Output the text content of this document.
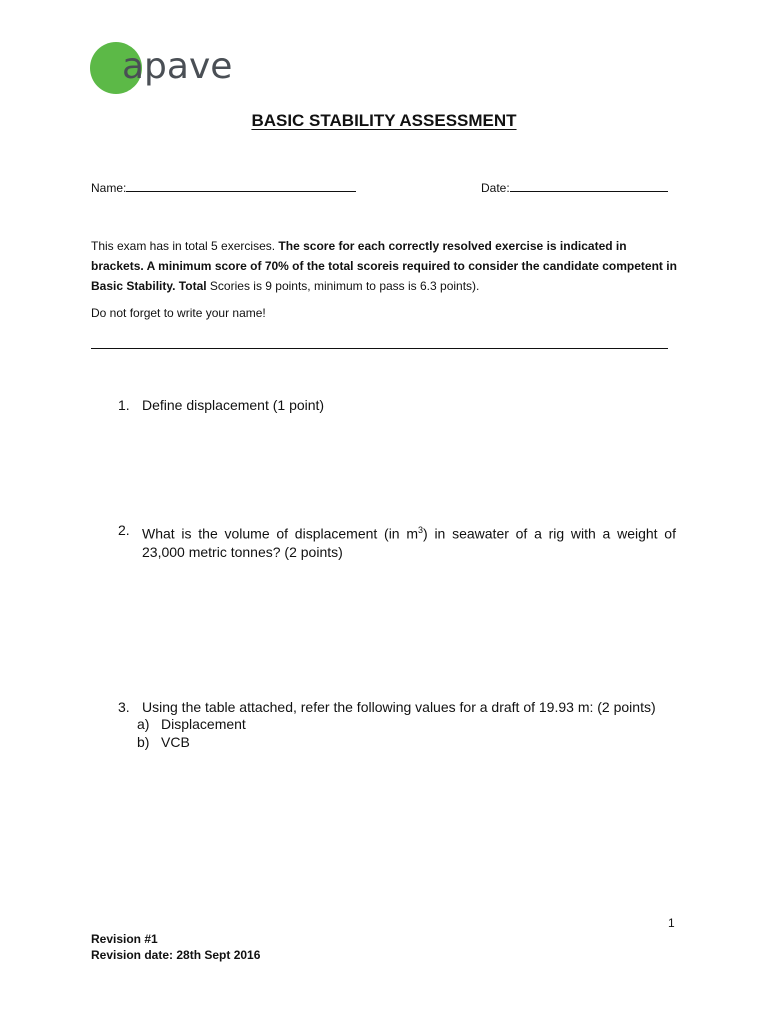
apave
BASIC STABILITY ASSESSMENT
Name:	Date:
This exam has in total 5 exercises. The score for each correctly resolved exercise is indicated in brackets. A minimum score of 70% of the total scoreis required to consider the candidate competent in Basic Stability. Total Scories is 9 points, minimum to pass is 6.3 points).
Do not forget to write your name!
1. Define displacement (1 point)
2. What is the volume of displacement (in $m^3$) in seawater of a rig with a weight of 23,000 metric tonnes? (2 points)
3. Using the table attached, refer the following values for a draft of 19.93 m: (2 points)
a) Displacement
b) VCB
1
Revision #1
Revision date: 28th Sept 2016
